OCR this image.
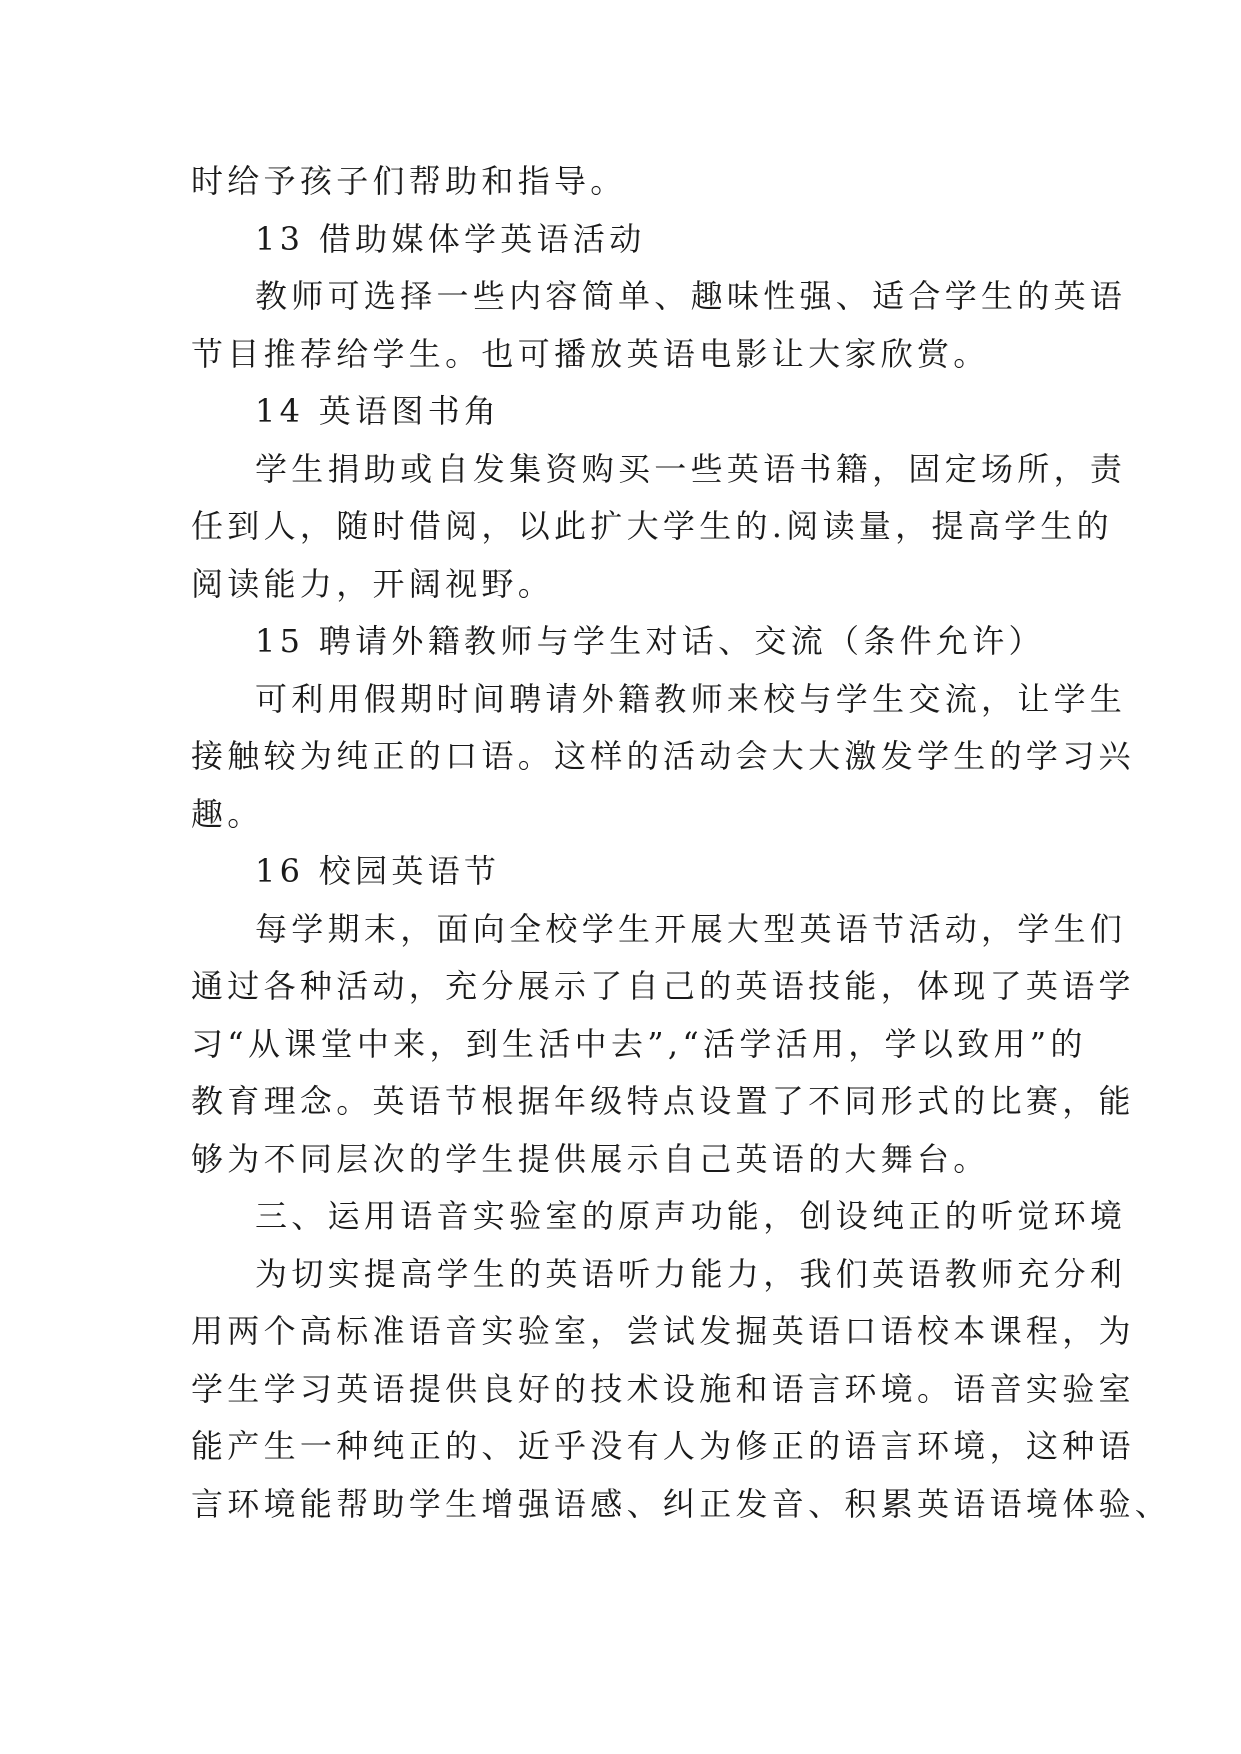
时给予孩子们帮助和指导。
13 借助媒体学英语活动
教师可选择一些内容简单、趣味性强、适合学生的英语
节目推荐给学生。也可播放英语电影让大家欣赏。
14 英语图书角
学生捐助或自发集资购买一些英语书籍，固定场所，责
任到人，随时借阅，以此扩大学生的.阅读量，提高学生的
阅读能力，开阔视野。
15 聘请外籍教师与学生对话、交流（条件允许）
可利用假期时间聘请外籍教师来校与学生交流，让学生
接触较为纯正的口语。这样的活动会大大激发学生的学习兴
趣。
16 校园英语节
每学期末，面向全校学生开展大型英语节活动，学生们
通过各种活动，充分展示了自己的英语技能，体现了英语学
习“从课堂中来，到生活中去”,“活学活用，学以致用”的
教育理念。英语节根据年级特点设置了不同形式的比赛，能
够为不同层次的学生提供展示自己英语的大舞台。
三、运用语音实验室的原声功能，创设纯正的听觉环境
为切实提高学生的英语听力能力，我们英语教师充分利
用两个高标准语音实验室，尝试发掘英语口语校本课程，为
学生学习英语提供良好的技术设施和语言环境。语音实验室
能产生一种纯正的、近乎没有人为修正的语言环境，这种语
言环境能帮助学生增强语感、纠正发音、积累英语语境体验、
